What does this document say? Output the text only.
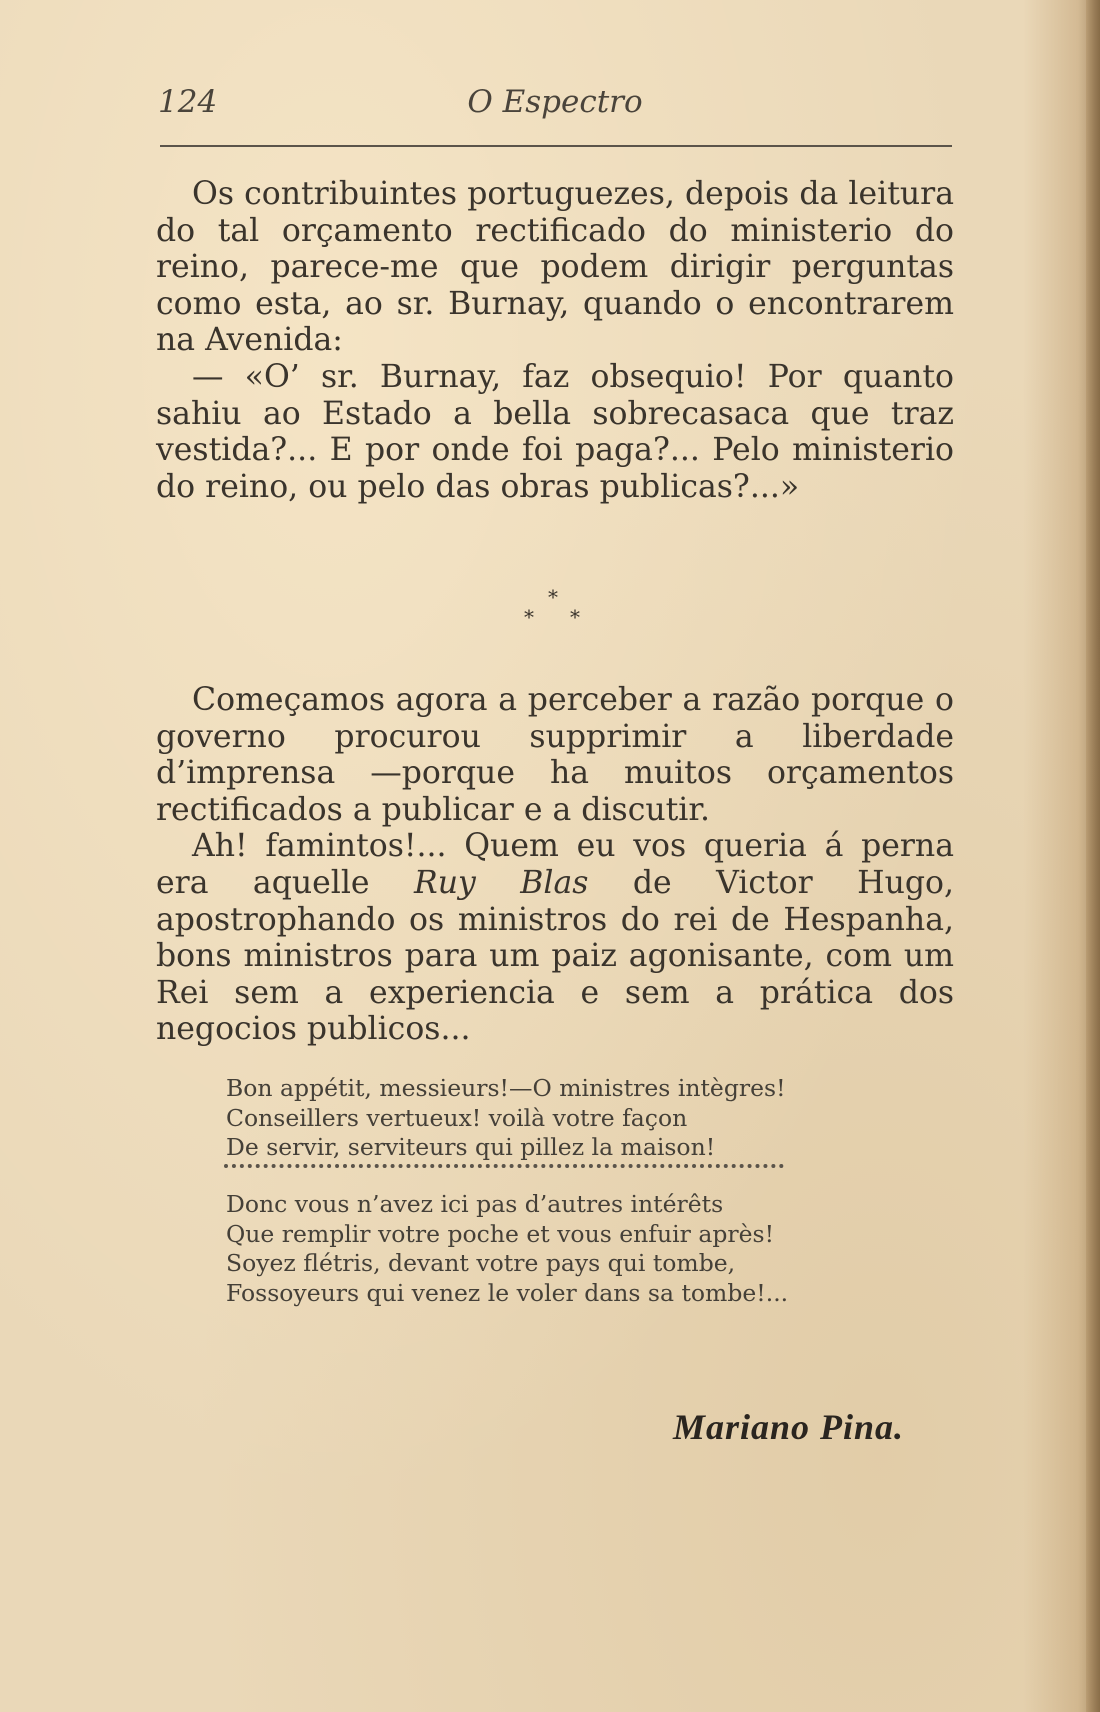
124	O Espectro

Os contribuintes portuguezes, depois da leitura do tal orçamento rectificado do ministerio do reino, parece-me que podem dirigir perguntas como esta, ao sr. Burnay, quando o encontrarem na Avenida:

— «O’ sr. Burnay, faz obsequio! Por quanto sahiu ao Estado a bella sobrecasaca que traz vestida?... E por onde foi paga?... Pelo ministerio do reino, ou pelo das obras publicas?...»

*
* *

Começamos agora a perceber a razão porque o governo procurou supprimir a liberdade d’imprensa —porque ha muitos orçamentos rectificados a publicar e a discutir.

Ah! famintos!... Quem eu vos queria á perna era aquelle Ruy Blas de Victor Hugo, apostrophando os ministros do rei de Hespanha, bons ministros para um paiz agonisante, com um Rei sem a experiencia e sem a prática dos negocios publicos...

Bon appétit, messieurs!—O ministres intègres!
Conseillers vertueux! voilà votre façon
De servir, serviteurs qui pillez la maison!
Donc vous n’avez ici pas d’autres intérêts
Que remplir votre poche et vous enfuir après!
Soyez flétris, devant votre pays qui tombe,
Fossoyeurs qui venez le voler dans sa tombe!...
Mariano Pina.
